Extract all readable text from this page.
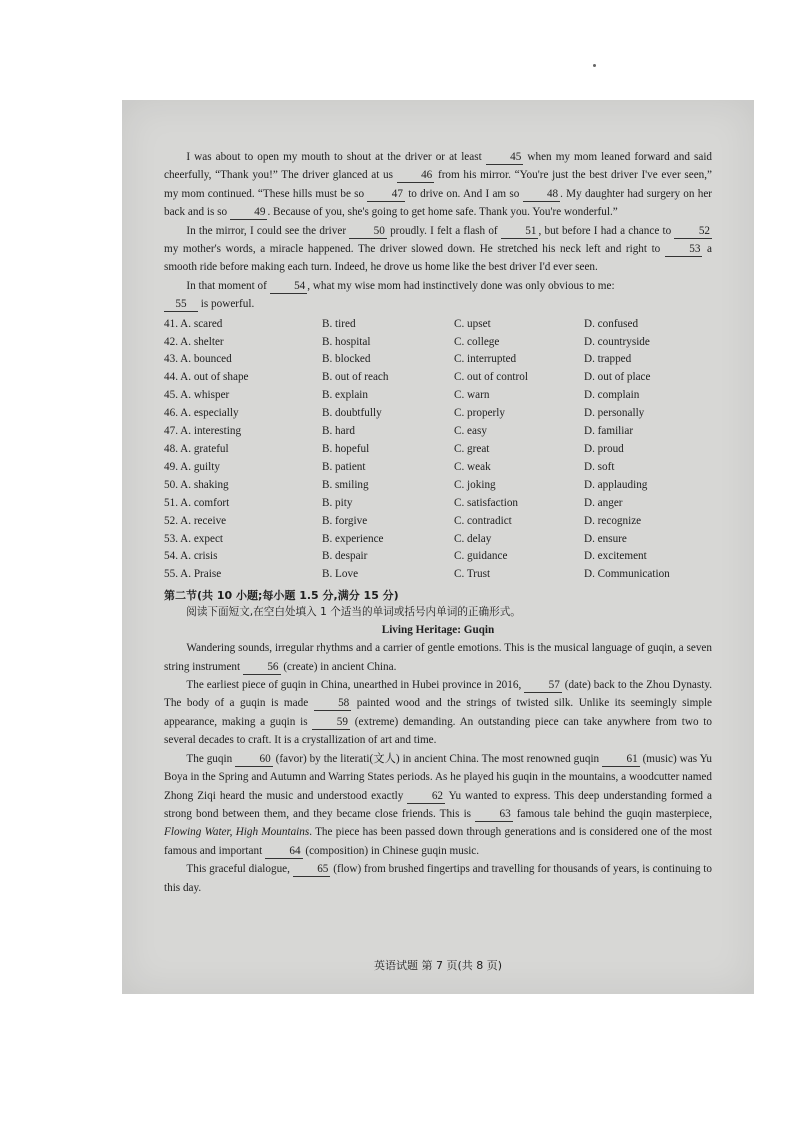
I was about to open my mouth to shout at the driver or at least	45 when my mom leaned forward and said cheerfully, “Thank you!” The driver glanced at us	46 from his mirror. “You're just the best driver I've ever seen,” my mom continued. “These hills must be so 47 to drive on. And I am so 48 . My daughter had surgery on her back and is so 49 . Because of you, she's going to get home safe. Thank you. You're wonderful.”

In the mirror, I could see the driver 50 proudly. I felt a flash of 51 , but before I had a chance to 52 my mother's words, a miracle happened. The driver slowed down. He stretched his neck left and right to	53 a smooth ride before making each turn. Indeed, he drove us home like the best driver I'd ever seen.

In that moment of 54 , what my wise mom had instinctively done was only obvious to me:

55 is powerful.

41. A. scared	B. tired	C. upset	D. confused
42. A. shelter	B. hospital	C. college	D. countryside
43. A. bounced	B. blocked	C. interrupted	D. trapped
44. A. out of shape	B. out of reach	C. out of control	D. out of place
45. A. whisper	B. explain	C. warn	D. complain
46. A. especially	B. doubtfully	C. properly	D. personally
47. A. interesting	B. hard	C. easy	D. familiar
48. A. grateful	B. hopeful	C. great	D. proud
49. A. guilty	B. patient	C. weak	D. soft
50. A. shaking	B. smiling	C. joking	D. applauding
51. A. comfort	B. pity	C. satisfaction	D. anger
52. A. receive	B. forgive	C. contradict	D. recognize
53. A. expect	B. experience	C. delay	D. ensure
54. A. crisis	B. despair	C. guidance	D. excitement
55. A. Praise	B. Love	C. Trust	D. Communication
第二节(共 10 小题;每小题 1.5 分,满分 15 分)
阅读下面短文,在空白处填入 1 个适当的单词或括号内单词的正确形式。
Living Heritage: Guqin

Wandering sounds, irregular rhythms and a carrier of gentle emotions. This is the musical language of guqin, a seven string instrument 56 (create) in ancient China.

The earliest piece of guqin in China, unearthed in Hubei province in 2016, 57 (date) back to the Zhou Dynasty. The body of a guqin is made	58 painted wood and the strings of twisted silk. Unlike its seemingly simple appearance, making a guqin is	59 (extreme) demanding. An outstanding piece can take anywhere from two to several decades to craft. It is a crystallization of art and time.

The guqin 60 (favor) by the literati(文人) in ancient China. The most renowned guqin 61 (music) was Yu Boya in the Spring and Autumn and Warring States periods. As he played his guqin in the mountains, a woodcutter named Zhong Ziqi heard the music and understood exactly	62 Yu wanted to express. This deep understanding formed a strong bond between them, and they became close friends. This is	63 famous tale behind the guqin masterpiece, Flowing Water, High Mountains. The piece has been passed down through generations and is considered one of the most famous and important 64 (composition) in Chinese guqin music.

This graceful dialogue, 65 (flow) from brushed fingertips and travelling for thousands of years, is continuing to this day.

英语试题 第 7 页(共 8 页)
